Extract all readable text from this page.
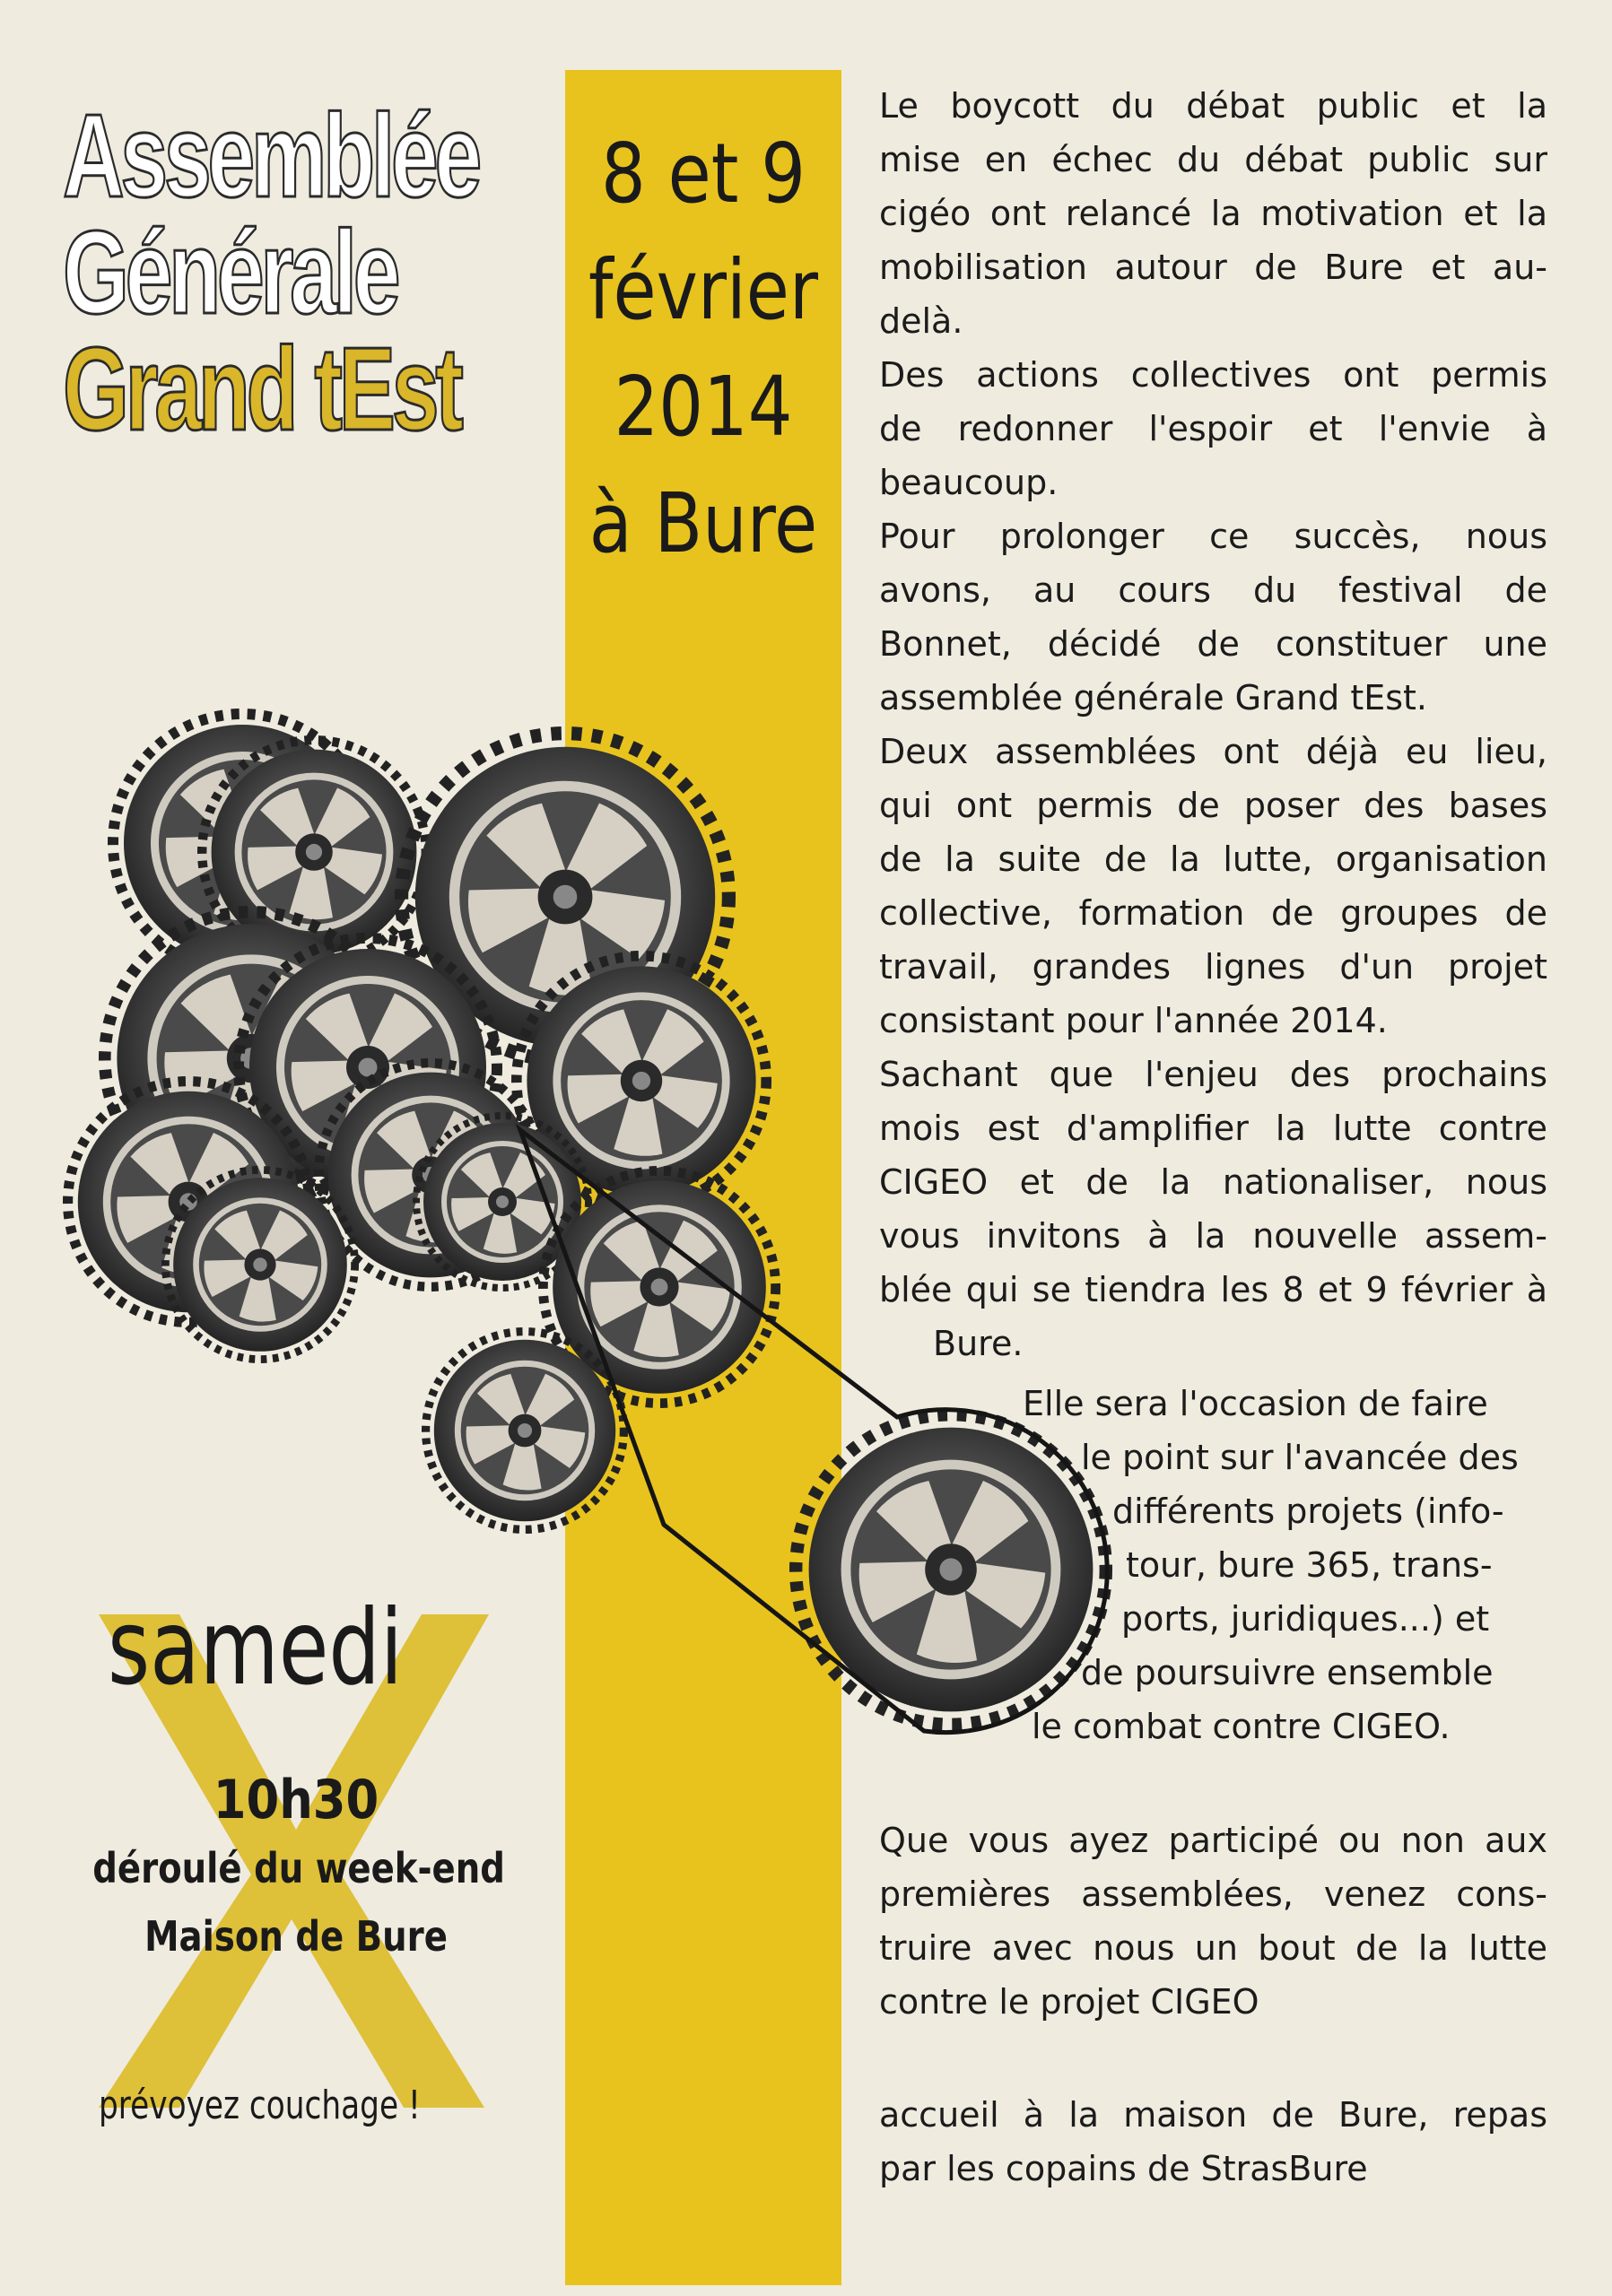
Assemblée
Générale
Grand tEst

8 et 9

février

2014

à Bure

Le boycott du débat public et la

mise en échec du débat public sur

cigéo ont relancé la motivation et la

mobilisation autour de Bure et au-

delà.

Des actions collectives ont permis

de redonner l'espoir et l'envie à

beaucoup.

Pour prolonger ce succès, nous

avons, au cours du festival de

Bonnet, décidé de constituer une

assemblée générale Grand tEst.

Deux assemblées ont déjà eu lieu,

qui ont permis de poser des bases

de la suite de la lutte, organisation

collective, formation de groupes de

travail, grandes lignes d'un projet

consistant pour l'année 2014.

Sachant que l'enjeu des prochains

mois est d'amplifier la lutte contre

CIGEO et de la nationaliser, nous

vous invitons à la nouvelle assem-

blée qui se tiendra les 8 et 9 février à

Bure.

Elle sera l'occasion de faire

le point sur l'avancée des

différents projets (info-

tour, bure 365, trans-

ports, juridiques...) et

de poursuivre ensemble

le combat contre CIGEO.

Que vous ayez participé ou non aux

premières assemblées, venez cons-

truire avec nous un bout de la lutte

contre le projet CIGEO

accueil à la maison de Bure, repas

par les copains de StrasBure

samedi

10h30

déroulé du week-end

Maison de Bure

prévoyez couchage !
